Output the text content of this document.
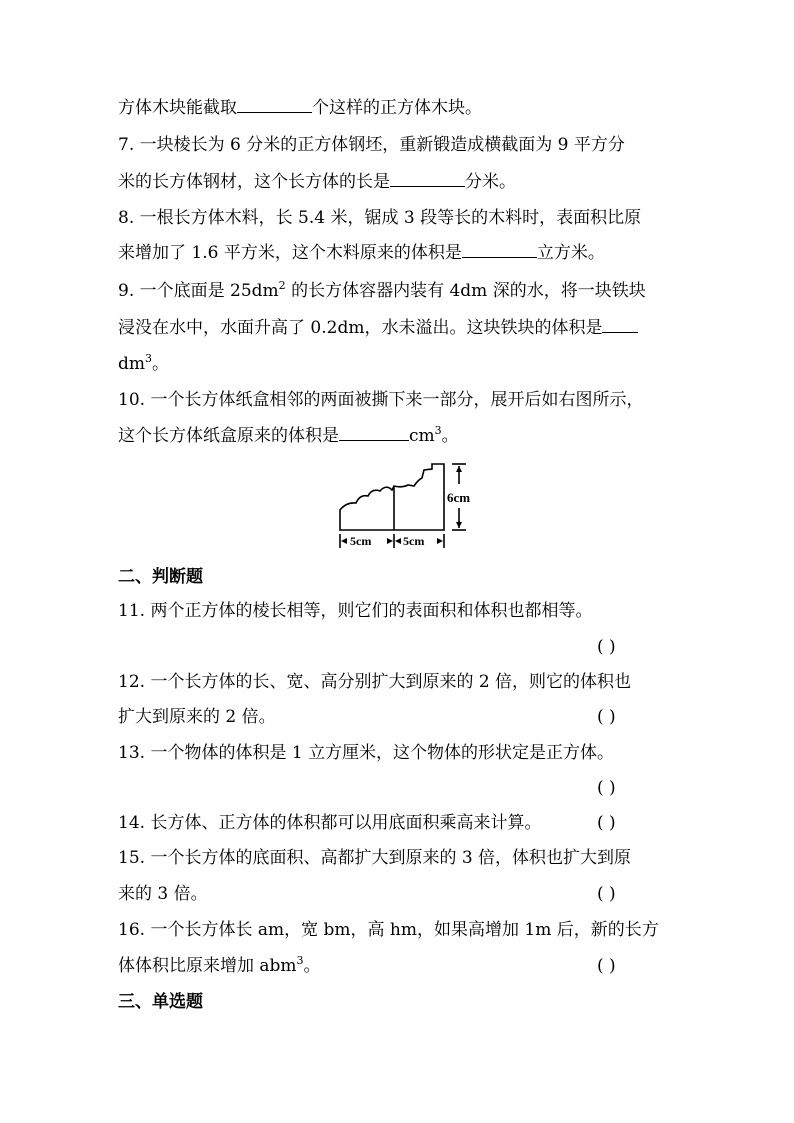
方体木块能截取	个这样的正方体木块。
7. 一块棱长为 6 分米的正方体钢坯，重新锻造成横截面为 9 平方分
米的长方体钢材，这个长方体的长是	分米。
8. 一根长方体木料，长 5.4 米，锯成 3 段等长的木料时，表面积比原
来增加了 1.6 平方米，这个木料原来的体积是	立方米。
9. 一个底面是 $25dm^2$ 的长方体容器内装有 4dm 深的水，将一块铁块
浸没在水中，水面升高了 0.2dm，水未溢出。这块铁块的体积是
$dm^3$。
10. 一个长方体纸盒相邻的两面被撕下来一部分，展开后如右图所示，
这个长方体纸盒原来的体积是	$cm^3$。
6cm
5cm	5cm
二、判断题
11. 两个正方体的棱长相等，则它们的表面积和体积也都相等。
( )
12. 一个长方体的长、宽、高分别扩大到原来的 2 倍，则它的体积也
扩大到原来的 2 倍。	( )
13. 一个物体的体积是 1 立方厘米，这个物体的形状定是正方体。
( )
14. 长方体、正方体的体积都可以用底面积乘高来计算。	( )
15. 一个长方体的底面积、高都扩大到原来的 3 倍，体积也扩大到原
来的 3 倍。	( )
16. 一个长方体长 am，宽 bm，高 hm，如果高增加 1m 后，新的长方
体体积比原来增加 abm$^3$。	( )
三、单选题
